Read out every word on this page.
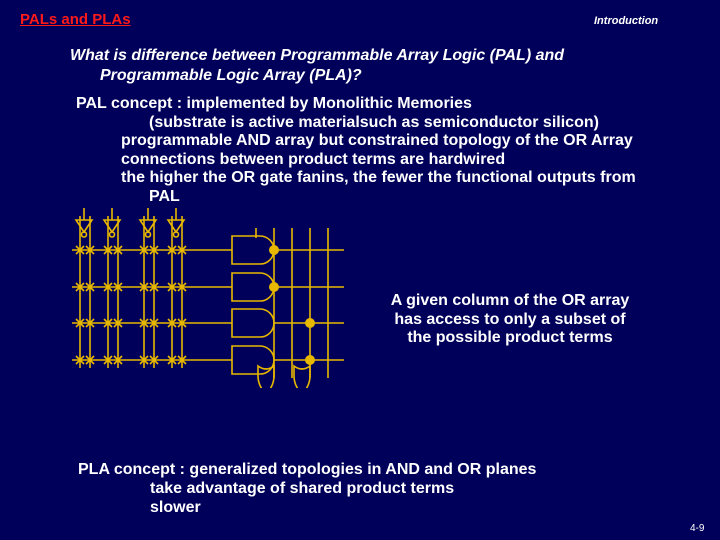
PALs and PLAs	Introduction
What is difference between Programmable Array Logic (PAL) and
Programmable Logic Array (PLA)?
PAL concept : implemented by Monolithic Memories
(substrate is active materialsuch as semiconductor silicon)
programmable AND array but constrained topology of the OR Array
connections between product terms are hardwired
the higher the OR gate fanins, the fewer the functional outputs from
PAL
A given column of the OR array
has access to only a subset of
the possible product terms
PLA concept : generalized topologies in AND and OR planes
take advantage of shared product terms
slower
4-9
